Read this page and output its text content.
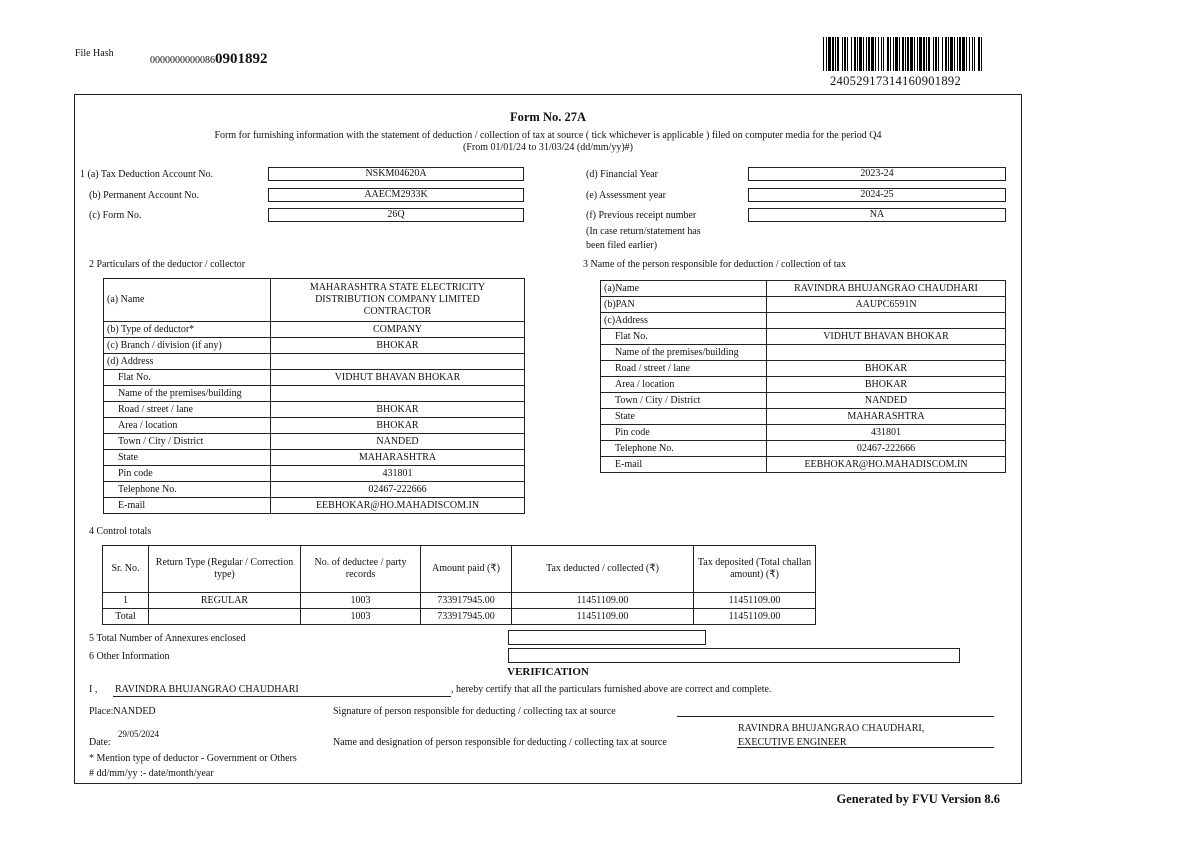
File Hash
00000000000860901892
24052917314160901892
Form No. 27A
Form for furnishing information with the statement of deduction / collection of tax at source ( tick whichever is applicable ) filed on computer media for the period Q4
(From 01/01/24 to 31/03/24 (dd/mm/yy)#)
1 (a) Tax Deduction Account No.	NSKM04620A
(b) Permanent Account No.	AAECM2933K
(c) Form No.	26Q
(d) Financial Year	2023-24
(e) Assessment year	2024-25
(f) Previous receipt number	NA
(In case return/statement has
been filed earlier)
2 Particulars of the deductor / collector
(a) Name	MAHARASHTRA STATE ELECTRICITY
DISTRIBUTION COMPANY LIMITED
CONTRACTOR

(b) Type of deductor*	COMPANY
(c) Branch / division (if any)	BHOKAR
(d) Address	
Flat No.	VIDHUT BHAVAN BHOKAR
Name of the premises/building	
Road / street / lane	BHOKAR
Area / location	BHOKAR
Town / City / District	NANDED
State	MAHARASHTRA
Pin code	431801
Telephone No.	02467-222666
E-mail	EEBHOKAR@HO.MAHADISCOM.IN
3 Name of the person responsible for deduction / collection of tax
(a)Name	RAVINDRA BHUJANGRAO CHAUDHARI
(b)PAN	AAUPC6591N
(c)Address	
Flat No.	VIDHUT BHAVAN BHOKAR
Name of the premises/building	
Road / street / lane	BHOKAR
Area / location	BHOKAR
Town / City / District	NANDED
State	MAHARASHTRA
Pin code	431801
Telephone No.	02467-222666
E-mail	EEBHOKAR@HO.MAHADISCOM.IN
4 Control totals
Sr. No.	Return Type (Regular / Correction type)	No. of deductee / party records	Amount paid (₹)	Tax deducted / collected (₹)	Tax deposited (Total challan amount) (₹)
1	REGULAR	1003	733917945.00	11451109.00	11451109.00
Total		1003	733917945.00	11451109.00	11451109.00
5 Total Number of Annexures enclosed
6 Other Information
VERIFICATION
I , RAVINDRA BHUJANGRAO CHAUDHARI	, hereby certify that all the particulars furnished above are correct and complete.
Place:NANDED	Signature of person responsible for deducting / collecting tax at source
Date:
29/05/2024
Name and designation of person responsible for deducting / collecting tax at source
RAVINDRA BHUJANGRAO CHAUDHARI,
EXECUTIVE ENGINEER
* Mention type of deductor - Government or Others
# dd/mm/yy :- date/month/year
Generated by FVU Version 8.6
